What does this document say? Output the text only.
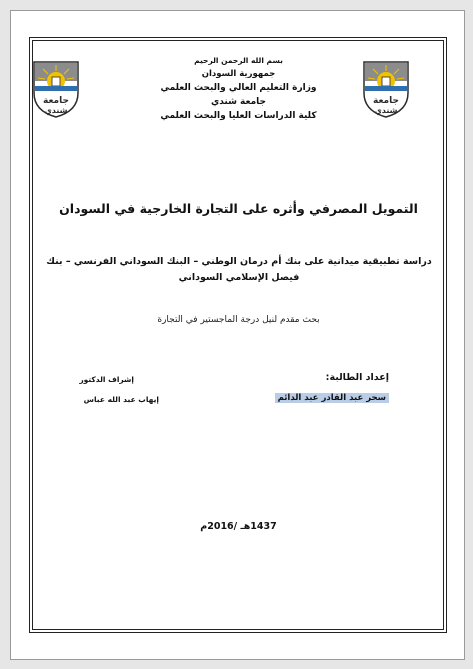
جامعة
شندي
جامعة
شندي
بسم الله الرحمن الرحيم
جمهورية السودان
وزارة التعليم العالي والبحث العلمي
جامعة شندي
كلية الدراسات العليا والبحث العلمي
التمويل المصرفي وأثره على التجارة الخارجية في السودان
دراسة تطبيقية ميدانية على بنك أم درمان الوطني – البنك السوداني الفرنسي – بنك فيصل الإسلامي السوداني
بحث مقدم لنيل درجة الماجستير في التجارة
إعداد الطالبة:
سحر عبد القادر عبد الدائم
إشراف الدكتور
إيهاب عبد الله عباس
1437هـ /2016م
